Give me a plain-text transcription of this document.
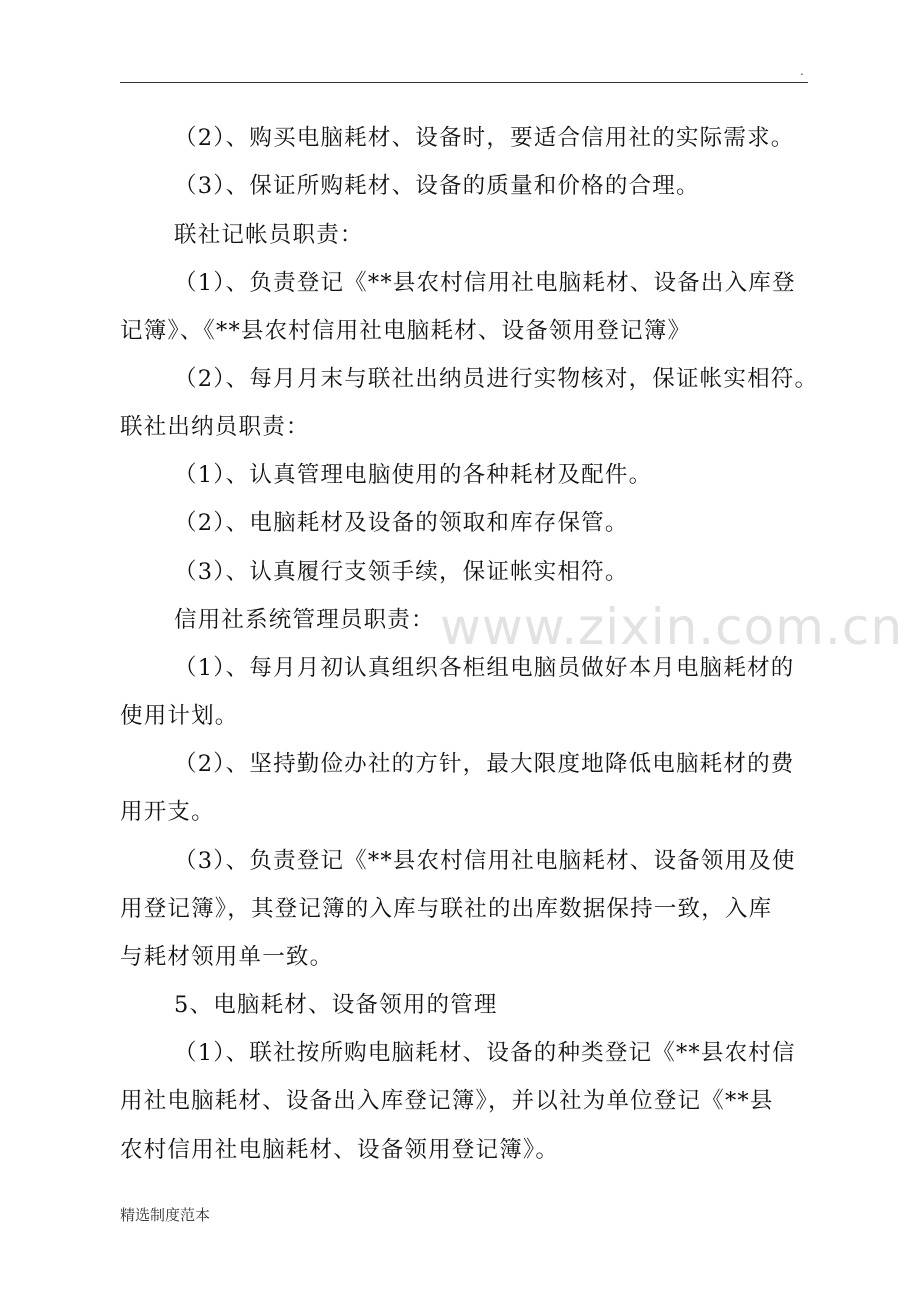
.
www.zixin.com.cn
（2）、购买电脑耗材、设备时，要适合信用社的实际需求。
（3）、保证所购耗材、设备的质量和价格的合理。
联社记帐员职责：
（1）、负责登记《**县农村信用社电脑耗材、设备出入库登
记簿》、《**县农村信用社电脑耗材、设备领用登记簿》
（2）、每月月末与联社出纳员进行实物核对，保证帐实相符。
联社出纳员职责：
（1）、认真管理电脑使用的各种耗材及配件。
（2）、电脑耗材及设备的领取和库存保管。
（3）、认真履行支领手续，保证帐实相符。
信用社系统管理员职责：
（1）、每月月初认真组织各柜组电脑员做好本月电脑耗材的
使用计划。
（2）、坚持勤俭办社的方针，最大限度地降低电脑耗材的费
用开支。
（3）、负责登记《**县农村信用社电脑耗材、设备领用及使
用登记簿》，其登记簿的入库与联社的出库数据保持一致，入库
与耗材领用单一致。
5、电脑耗材、设备领用的管理
（1）、联社按所购电脑耗材、设备的种类登记《**县农村信
用社电脑耗材、设备出入库登记簿》，并以社为单位登记《**县
农村信用社电脑耗材、设备领用登记簿》。
精选制度范本
